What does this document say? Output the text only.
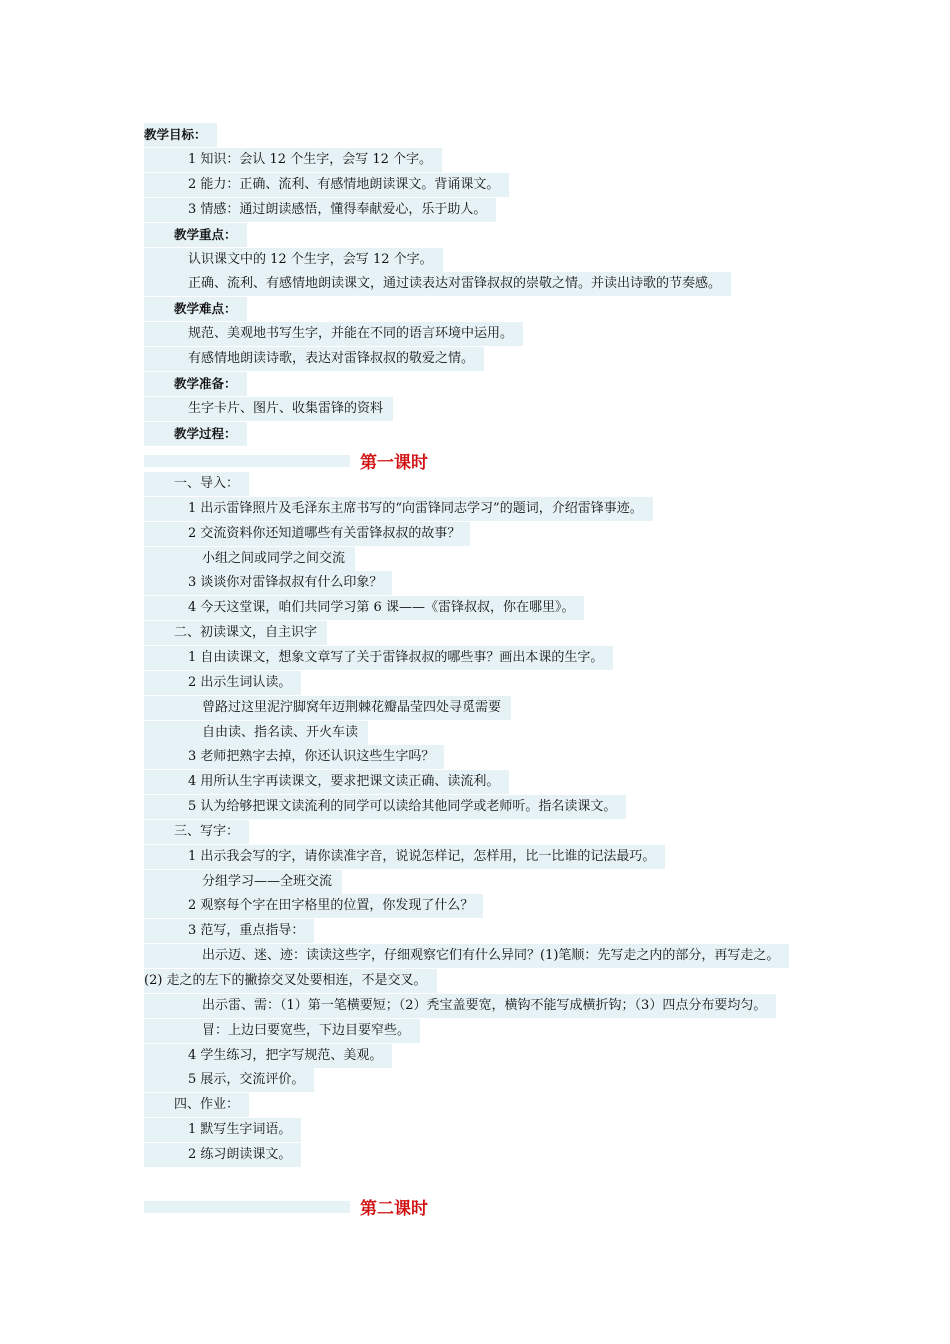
教学目标：
1 知识：会认 12 个生字，会写 12 个字。
2 能力：正确、流利、有感情地朗读课文。背诵课文。
3 情感：通过朗读感悟，懂得奉献爱心，乐于助人。
教学重点：
认识课文中的 12 个生字，会写 12 个字。
正确、流利、有感情地朗读课文，通过读表达对雷锋叔叔的崇敬之情。并读出诗歌的节奏感。
教学难点：
规范、美观地书写生字，并能在不同的语言环境中运用。
有感情地朗读诗歌，表达对雷锋叔叔的敬爱之情。
教学准备：
生字卡片、图片、收集雷锋的资料
教学过程：
第一课时
一、导入：
1 出示雷锋照片及毛泽东主席书写的“向雷锋同志学习”的题词，介绍雷锋事迹。
2 交流资料你还知道哪些有关雷锋叔叔的故事？
小组之间或同学之间交流
3 谈谈你对雷锋叔叔有什么印象？
4 今天这堂课，咱们共同学习第 6 课——《雷锋叔叔，你在哪里》。
二、初读课文，自主识字
1 自由读课文，想象文章写了关于雷锋叔叔的哪些事？画出本课的生字。
2 出示生词认读。
曾路过这里泥泞脚窝年迈荆棘花瓣晶莹四处寻觅需要
自由读、指名读、开火车读
3 老师把熟字去掉，你还认识这些生字吗？
4 用所认生字再读课文，要求把课文读正确、读流利。
5 认为给够把课文读流利的同学可以读给其他同学或老师听。指名读课文。
三、写字：
1 出示我会写的字，请你读准字音，说说怎样记，怎样用，比一比谁的记法最巧。
分组学习——全班交流
2 观察每个字在田字格里的位置，你发现了什么？
3 范写，重点指导：
出示迈、迷、迹：读读这些字，仔细观察它们有什么异同？(1)笔顺：先写走之内的部分，再写走之。
(2) 走之的左下的撇捺交叉处要相连，不是交叉。
出示雷、需：（1）第一笔横要短；（2）秃宝盖要宽，横钩不能写成横折钩；（3）四点分布要均匀。
冒：上边曰要宽些，下边目要窄些。
4 学生练习，把字写规范、美观。
5 展示，交流评价。
四、作业：
1 默写生字词语。
2 练习朗读课文。
第二课时
